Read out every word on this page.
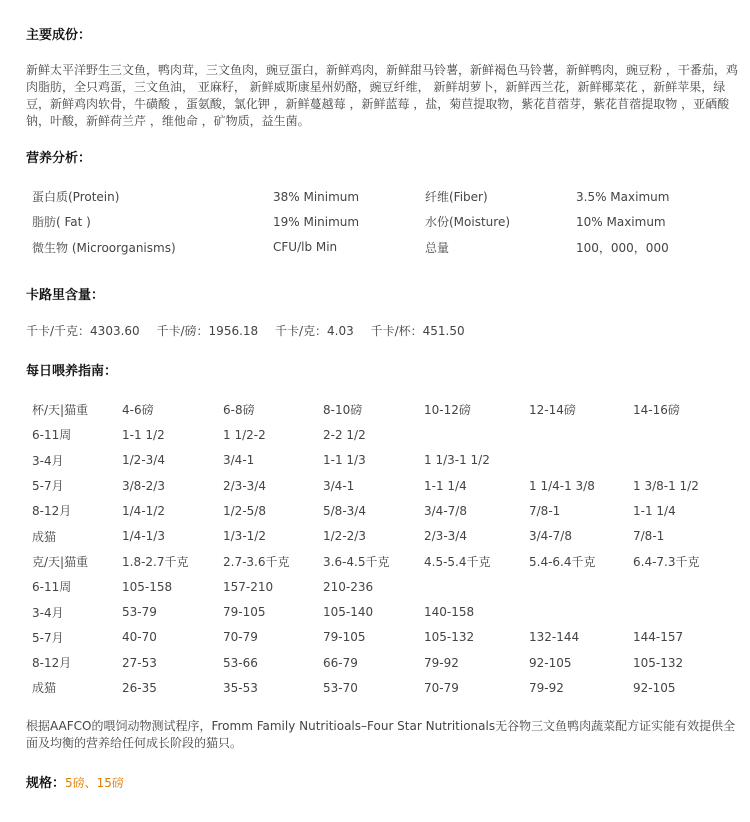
主要成份：

新鲜太平洋野生三文鱼，鸭肉茸，三文鱼肉，豌豆蛋白，新鲜鸡肉，新鲜甜马铃薯，新鲜褐色马铃薯，新鲜鸭肉，豌豆粉 ，干番茄，鸡肉脂肪，全只鸡蛋，三文鱼油， 亚麻籽， 新鲜威斯康星州奶酪，豌豆纤维， 新鲜胡萝卜，新鲜西兰花，新鲜椰菜花 ，新鲜苹果，绿豆，新鲜鸡肉软骨，牛磺酸 ，蛋氨酸，氯化钾 ，新鲜蔓越莓 ，新鲜蓝莓 ，盐，菊苣提取物，紫花苜蓿芽，紫花苜蓿提取物 ，亚硒酸钠，叶酸，新鲜荷兰芹 ，维他命 ，矿物质，益生菌。

营养分析：
蛋白质(Protein)	38% Minimum	纤维(Fiber)	3.5% Maximum
脂肪( Fat )	19% Minimum	水份(Moisture)	10% Maximum
微生物 (Microorganisms)	CFU/lb Min	总量	100，000，000
卡路里含量：
千卡/千克：4303.60 千卡/磅：1956.18 千卡/克：4.03 千卡/杯：451.50
每日喂养指南：
杯/天|猫重	4-6磅	6-8磅	8-10磅	10-12磅	12-14磅	14-16磅
6-11周	1-1 1/2	1 1/2-2	2-2 1/2			
3-4月	1/2-3/4	3/4-1	1-1 1/3	1 1/3-1 1/2		
5-7月	3/8-2/3	2/3-3/4	3/4-1	1-1 1/4	1 1/4-1 3/8	1 3/8-1 1/2
8-12月	1/4-1/2	1/2-5/8	5/8-3/4	3/4-7/8	7/8-1	1-1 1/4
成猫	1/4-1/3	1/3-1/2	1/2-2/3	2/3-3/4	3/4-7/8	7/8-1
克/天|猫重	1.8-2.7千克	2.7-3.6千克	3.6-4.5千克	4.5-5.4千克	5.4-6.4千克	6.4-7.3千克
6-11周	105-158	157-210	210-236			
3-4月	53-79	79-105	105-140	140-158		
5-7月	40-70	70-79	79-105	105-132	132-144	144-157
8-12月	27-53	53-66	66-79	79-92	92-105	105-132
成猫	26-35	35-53	53-70	70-79	79-92	92-105

根据AAFCO的喂饲动物测试程序，Fromm Family Nutritioals–Four Star Nutritionals无谷物三文鱼鸭肉蔬菜配方证实能有效提供全面及均衡的营养给任何成长阶段的猫只。

规格：5磅、15磅
